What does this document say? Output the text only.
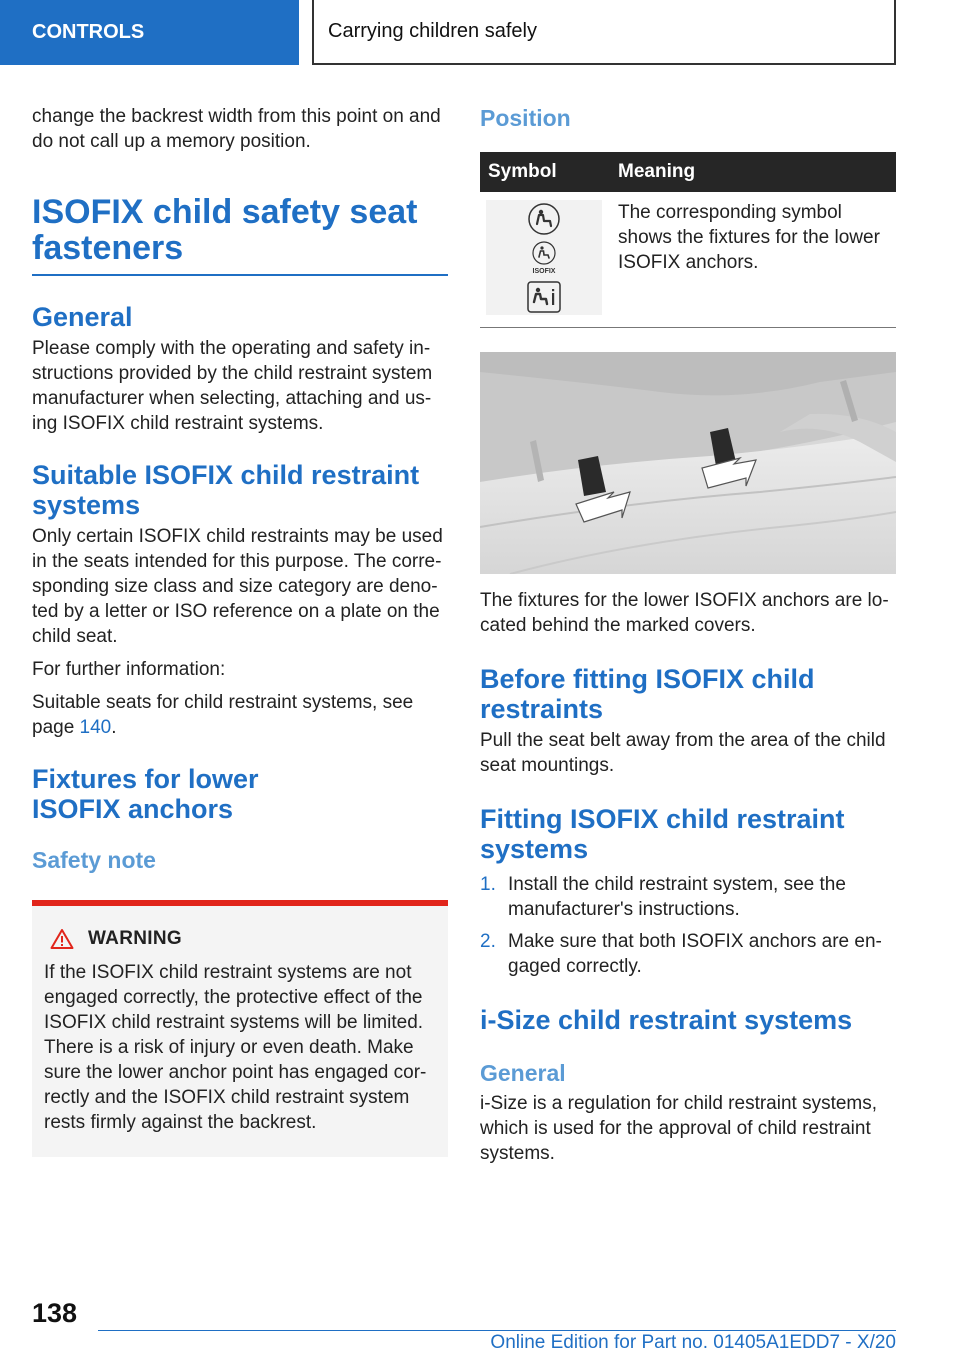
CONTROLS	Carrying children safely

change the backrest width from this point on and do not call up a memory position.

ISOFIX child safety seat fasteners
General

Please comply with the operating and safety instructions provided by the child restraint system manufacturer when selecting, attaching and using ISOFIX child restraint systems.

Suitable ISOFIX child restraint systems

Only certain ISOFIX child restraints may be used in the seats intended for this purpose. The corresponding size class and size category are denoted by a letter or ISO reference on a plate on the child seat.

For further information:

Suitable seats for child restraint systems, see page 140.

Fixtures for lower
ISOFIX anchors
Safety note
WARNING

If the ISOFIX child restraint systems are not engaged correctly, the protective effect of the ISOFIX child restraint systems will be limited. There is a risk of injury or even death. Make sure the lower anchor point has engaged correctly and the ISOFIX child restraint system rests firmly against the backrest.

Position
Symbol	Meaning

ISOFIX	The corresponding symbol shows the fixtures for the lower ISOFIX anchors.

The fixtures for the lower ISOFIX anchors are located behind the marked covers.

Before fitting ISOFIX child restraints

Pull the seat belt away from the area of the child seat mountings.

Fitting ISOFIX child restraint systems
1. Install the child restraint system, see the manufacturer's instructions.
2. Make sure that both ISOFIX anchors are engaged correctly.
i-Size child restraint systems
General

i-Size is a regulation for child restraint systems, which is used for the approval of child restraint systems.

138
Online Edition for Part no. 01405A1EDD7 - X/20
